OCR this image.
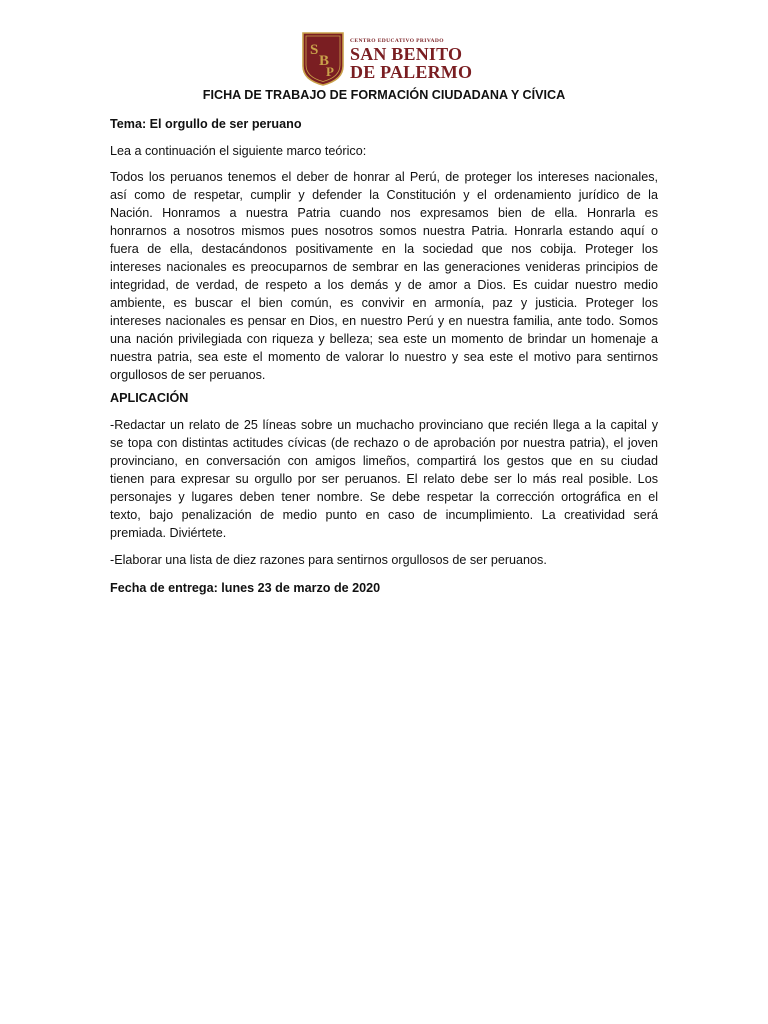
S
B
P
CENTRO EDUCATIVO PRIVADO
SAN BENITO
DE PALERMO
FICHA DE TRABAJO DE FORMACIÓN CIUDADANA Y CÍVICA
Tema: El orgullo de ser peruano
Lea a continuación el siguiente marco teórico:
Todos los peruanos tenemos el deber de honrar al Perú, de proteger los intereses nacionales,
así como de respetar, cumplir y defender la Constitución y el ordenamiento jurídico de la
Nación. Honramos a nuestra Patria cuando nos expresamos bien de ella. Honrarla es
honrarnos a nosotros mismos pues nosotros somos nuestra Patria. Honrarla estando aquí o
fuera de ella, destacándonos positivamente en la sociedad que nos cobija. Proteger los
intereses nacionales es preocuparnos de sembrar en las generaciones venideras principios de
integridad, de verdad, de respeto a los demás y de amor a Dios. Es cuidar nuestro medio
ambiente, es buscar el bien común, es convivir en armonía, paz y justicia. Proteger los
intereses nacionales es pensar en Dios, en nuestro Perú y en nuestra familia, ante todo. Somos
una nación privilegiada con riqueza y belleza; sea este un momento de brindar un homenaje a
nuestra patria, sea este el momento de valorar lo nuestro y sea este el motivo para sentirnos
orgullosos de ser peruanos.
APLICACIÓN
-Redactar un relato de 25 líneas sobre un muchacho provinciano que recién llega a la capital y
se topa con distintas actitudes cívicas (de rechazo o de aprobación por nuestra patria), el joven
provinciano, en conversación con amigos limeños, compartirá los gestos que en su ciudad
tienen para expresar su orgullo por ser peruanos. El relato debe ser lo más real posible. Los
personajes y lugares deben tener nombre. Se debe respetar la corrección ortográfica en el
texto, bajo penalización de medio punto en caso de incumplimiento. La creatividad será
premiada. Diviértete.
-Elaborar una lista de diez razones para sentirnos orgullosos de ser peruanos.
Fecha de entrega: lunes 23 de marzo de 2020
